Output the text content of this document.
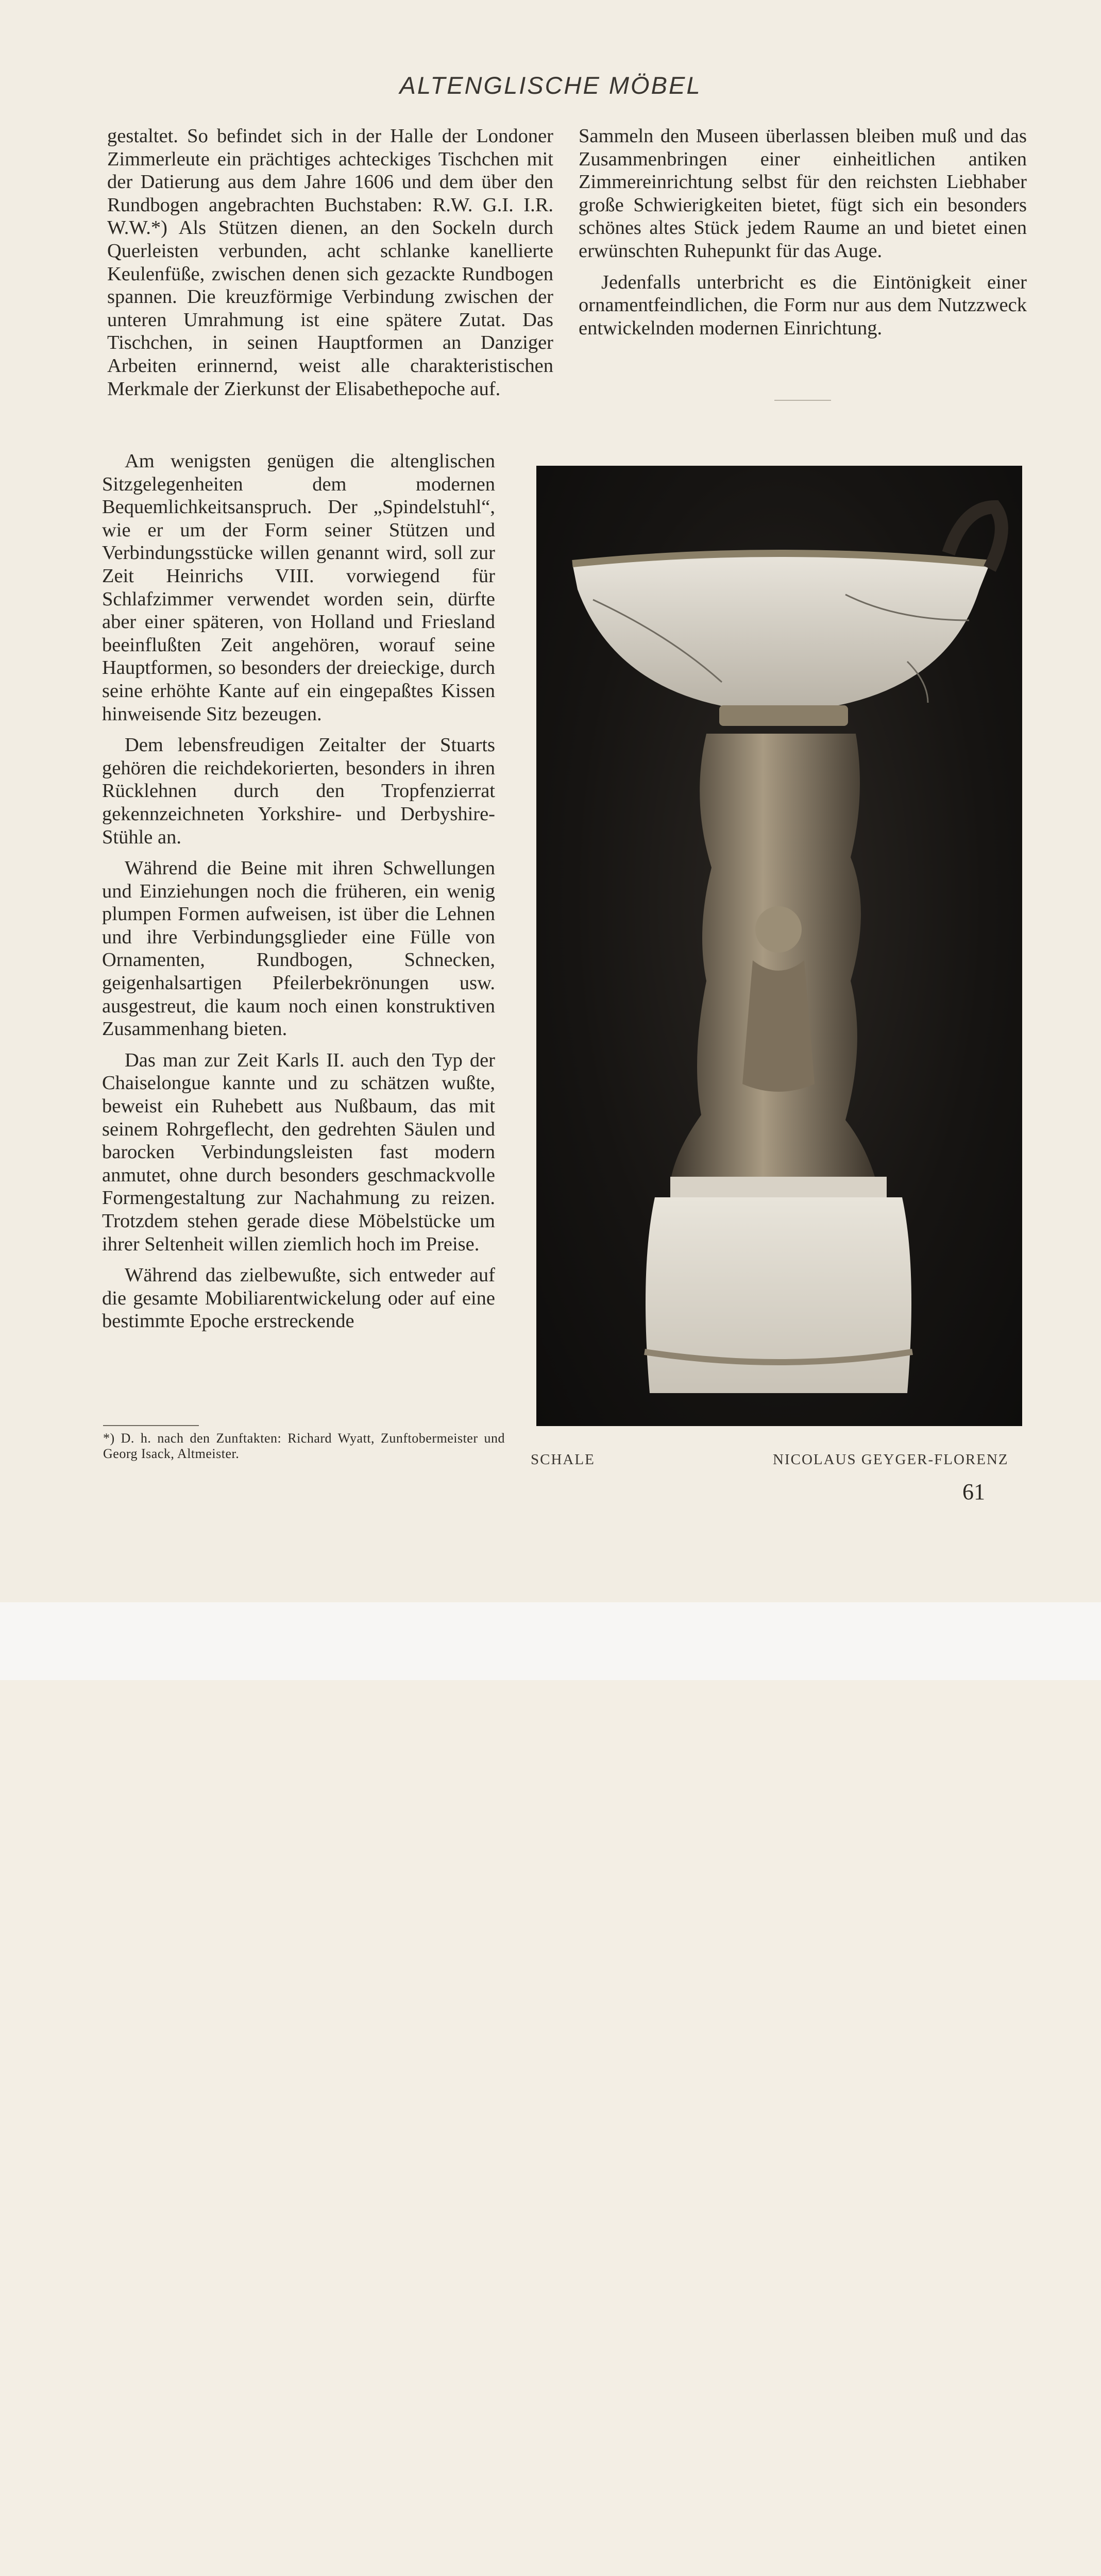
ALTENGLISCHE MÖBEL

gestaltet. So befindet sich in der Halle der Londoner Zimmerleute ein prächtiges achteckiges Tischchen mit der Datierung aus dem Jahre 1606 und dem über den Rundbogen angebrachten Buchstaben: R.W. G.I. I.R. W.W.*) Als Stützen dienen, an den Sockeln durch Querleisten verbunden, acht schlanke kanellierte Keulenfüße, zwischen denen sich gezackte Rundbogen spannen. Die kreuzförmige Verbindung zwischen der unteren Umrahmung ist eine spätere Zutat. Das Tischchen, in seinen Hauptformen an Danziger Arbeiten erinnernd, weist alle charakteristischen Merkmale der Zierkunst der Elisabethepoche auf.

Am wenigsten genügen die altenglischen Sitzgelegenheiten dem modernen Bequemlichkeitsanspruch. Der „Spindelstuhl“, wie er um der Form seiner Stützen und Verbindungsstücke willen genannt wird, soll zur Zeit Heinrichs VIII. vorwiegend für Schlafzimmer verwendet worden sein, dürfte aber einer späteren, von Holland und Friesland beeinflußten Zeit angehören, worauf seine Hauptformen, so besonders der dreieckige, durch seine erhöhte Kante auf ein eingepaßtes Kissen hinweisende Sitz bezeugen.

Dem lebensfreudigen Zeitalter der Stuarts gehören die reichdekorierten, besonders in ihren Rücklehnen durch den Tropfenzierrat gekennzeichneten Yorkshire- und Derbyshire-Stühle an.

Während die Beine mit ihren Schwellungen und Einziehungen noch die früheren, ein wenig plumpen Formen aufweisen, ist über die Lehnen und ihre Verbindungsglieder eine Fülle von Ornamenten, Rundbogen, Schnecken, geigenhalsartigen Pfeilerbekrönungen usw. ausgestreut, die kaum noch einen konstruktiven Zusammenhang bieten.

Das man zur Zeit Karls II. auch den Typ der Chaiselongue kannte und zu schätzen wußte, beweist ein Ruhebett aus Nußbaum, das mit seinem Rohrgeflecht, den gedrehten Säulen und barocken Verbindungsleisten fast modern anmutet, ohne durch besonders geschmackvolle Formengestaltung zur Nachahmung zu reizen. Trotzdem stehen gerade diese Möbelstücke um ihrer Seltenheit willen ziemlich hoch im Preise.

Während das zielbewußte, sich entweder auf die gesamte Mobiliarentwickelung oder auf eine bestimmte Epoche erstreckende

Sammeln den Museen überlassen bleiben muß und das Zusammenbringen einer einheitlichen antiken Zimmereinrichtung selbst für den reichsten Liebhaber große Schwierigkeiten bietet, fügt sich ein besonders schönes altes Stück jedem Raume an und bietet einen erwünschten Ruhepunkt für das Auge.

Jedenfalls unterbricht es die Eintönigkeit einer ornamentfeindlichen, die Form nur aus dem Nutzzweck entwickelnden modernen Einrichtung.

*) D. h. nach den Zunftakten: Richard Wyatt, Zunftobermeister und Georg Isack, Altmeister.	SCHALE	NICOLAUS GEYGER-FLORENZ
61
